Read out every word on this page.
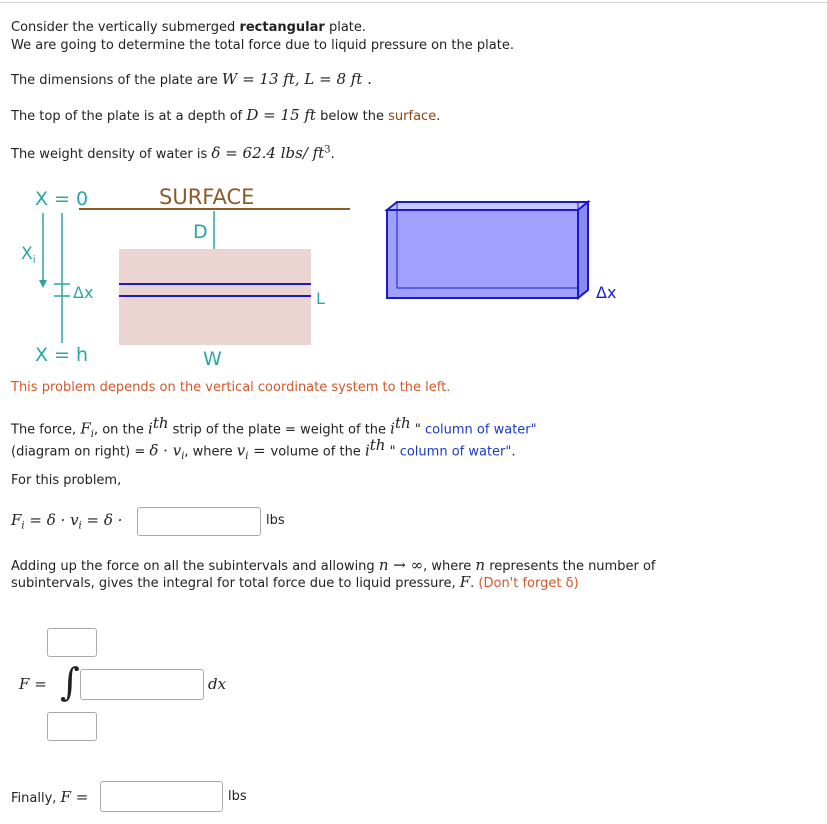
Consider the vertically submerged rectangular plate.
We are going to determine the total force due to liquid pressure on the plate.
The dimensions of the plate are W = 13 ft, L = 8 ft .
The top of the plate is at a depth of D = 15 ft below the surface.
The weight density of water is δ = 62.4 lbs/ $ft^3$.
X = 0	SURFACE
D
$X_i$
Δx	L
X = h	W
Δx
This problem depends on the vertical coordinate system to the left.
The force, $F_i$, on the $i^{th}$ strip of the plate = weight of the $i^{th}$ " column of water"
(diagram on right) = $\delta \cdot v_i$, where $v_i$ = volume of the $i^{th}$ " column of water".
For this problem,
$F_i = \delta \cdot v_i = \delta$ ·	lbs
Adding up the force on all the subintervals and allowing n → ∞, where n represents the number of
subintervals, gives the integral for total force due to liquid pressure, F. (Don't forget δ)
F = ∫	dx
Finally, F =	lbs
